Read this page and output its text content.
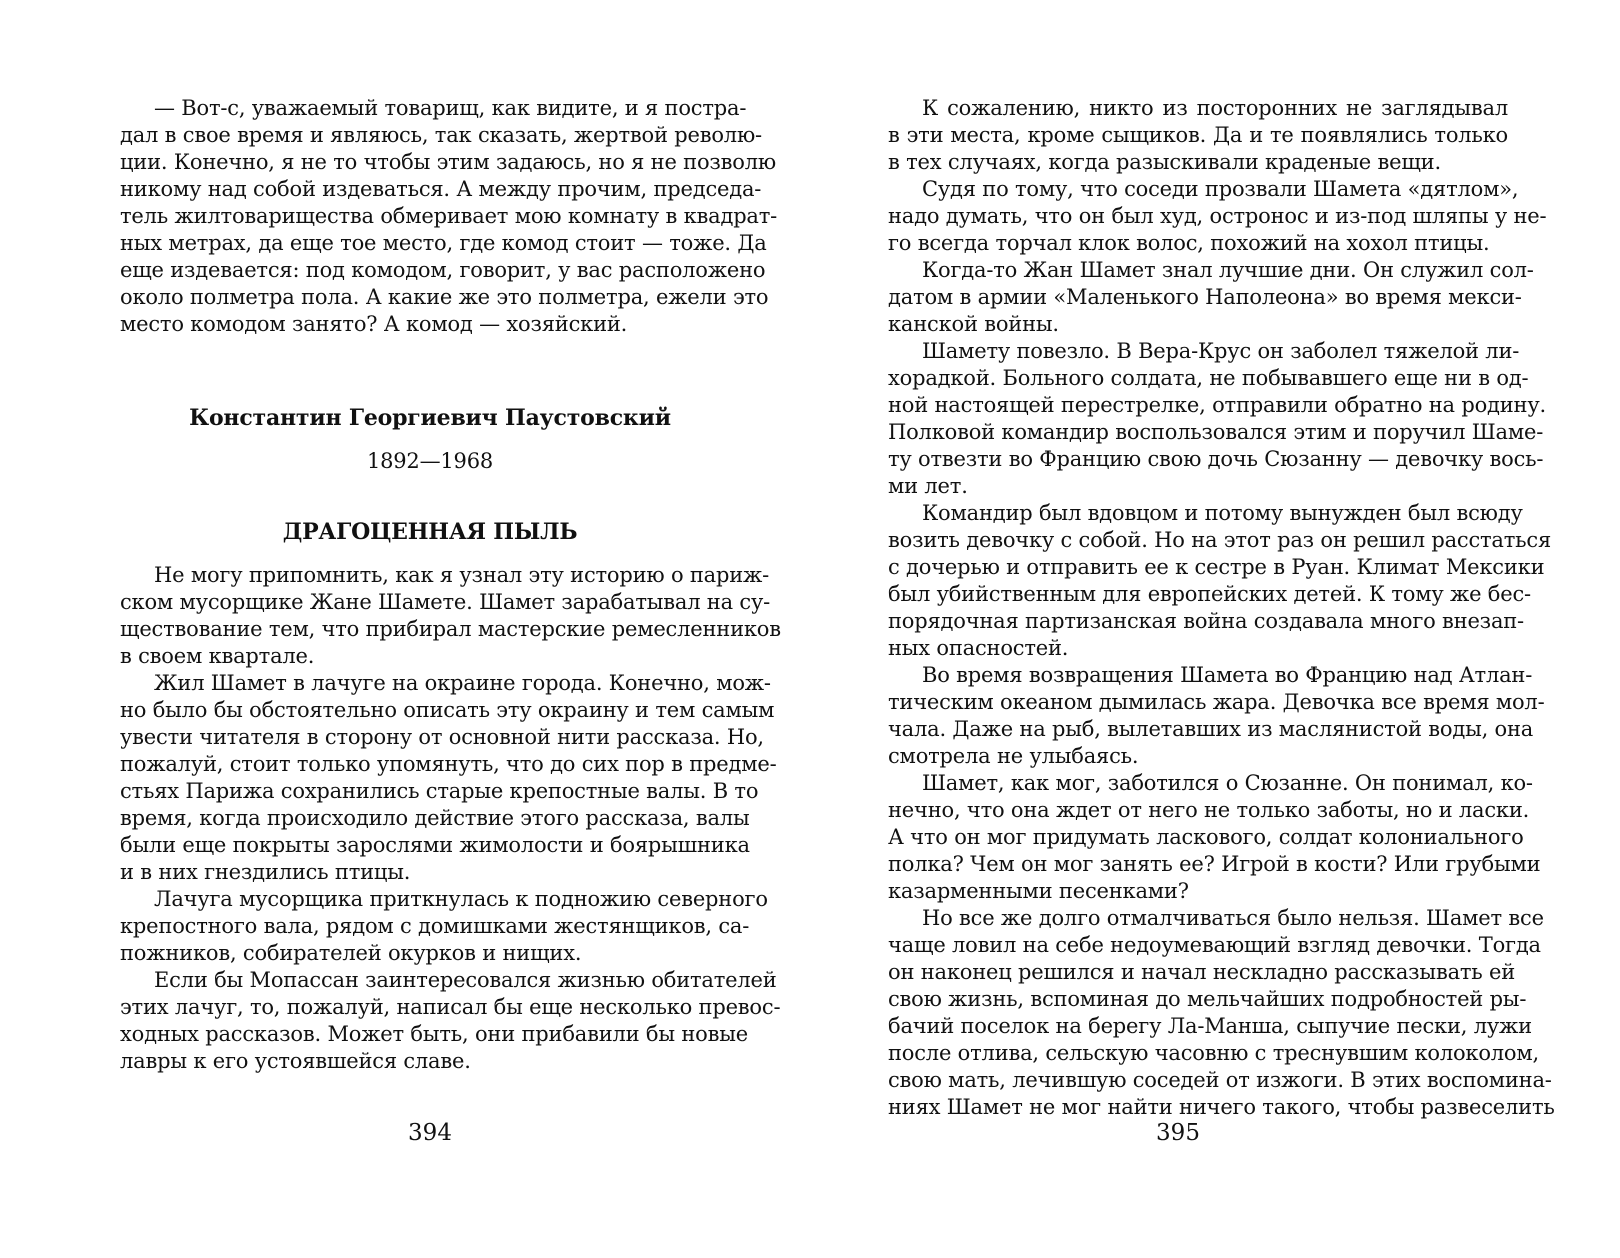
— Вот-с, уважаемый товарищ, как видите, и я постра-
дал в свое время и являюсь, так сказать, жертвой револю-
ции. Конечно, я не то чтобы этим задаюсь, но я не позволю
никому над собой издеваться. А между прочим, председа-
тель жилтоварищества обмеривает мою комнату в квадрат-
ных метрах, да еще тое место, где комод стоит — тоже. Да
еще издевается: под комодом, говорит, у вас расположено
около полметра пола. А какие же это полметра, ежели это
место комодом занято? А комод — хозяйский.
Константин Георгиевич Паустовский
1892—1968
ДРАГОЦЕННАЯ ПЫЛЬ
Не могу припомнить, как я узнал эту историю о париж-
ском мусорщике Жане Шамете. Шамет зарабатывал на су-
ществование тем, что прибирал мастерские ремесленников
в своем квартале.
Жил Шамет в лачуге на окраине города. Конечно, мож-
но было бы обстоятельно описать эту окраину и тем самым
увести читателя в сторону от основной нити рассказа. Но,
пожалуй, стоит только упомянуть, что до сих пор в предме-
стьях Парижа сохранились старые крепостные валы. В то
время, когда происходило действие этого рассказа, валы
были еще покрыты зарослями жимолости и боярышника
и в них гнездились птицы.
Лачуга мусорщика приткнулась к подножию северного
крепостного вала, рядом с домишками жестянщиков, са-
пожников, собирателей окурков и нищих.
Если бы Мопассан заинтересовался жизнью обитателей
этих лачуг, то, пожалуй, написал бы еще несколько превос-
ходных рассказов. Может быть, они прибавили бы новые
лавры к его устоявшейся славе.
394
К сожалению, никто из посторонних не заглядывал
в эти места, кроме сыщиков. Да и те появлялись только
в тех случаях, когда разыскивали краденые вещи.
Судя по тому, что соседи прозвали Шамета «дятлом»,
надо думать, что он был худ, остронос и из-под шляпы у не-
го всегда торчал клок волос, похожий на хохол птицы.
Когда-то Жан Шамет знал лучшие дни. Он служил сол-
датом в армии «Маленького Наполеона» во время мекси-
канской войны.
Шамету повезло. В Вера-Крус он заболел тяжелой ли-
хорадкой. Больного солдата, не побывавшего еще ни в од-
ной настоящей перестрелке, отправили обратно на родину.
Полковой командир воспользовался этим и поручил Шаме-
ту отвезти во Францию свою дочь Сюзанну — девочку вось-
ми лет.
Командир был вдовцом и потому вынужден был всюду
возить девочку с собой. Но на этот раз он решил расстаться
с дочерью и отправить ее к сестре в Руан. Климат Мексики
был убийственным для европейских детей. К тому же бес-
порядочная партизанская война создавала много внезап-
ных опасностей.
Во время возвращения Шамета во Францию над Атлан-
тическим океаном дымилась жара. Девочка все время мол-
чала. Даже на рыб, вылетавших из маслянистой воды, она
смотрела не улыбаясь.
Шамет, как мог, заботился о Сюзанне. Он понимал, ко-
нечно, что она ждет от него не только заботы, но и ласки.
А что он мог придумать ласкового, солдат колониального
полка? Чем он мог занять ее? Игрой в кости? Или грубыми
казарменными песенками?
Но все же долго отмалчиваться было нельзя. Шамет все
чаще ловил на себе недоумевающий взгляд девочки. Тогда
он наконец решился и начал нескладно рассказывать ей
свою жизнь, вспоминая до мельчайших подробностей ры-
бачий поселок на берегу Ла-Манша, сыпучие пески, лужи
после отлива, сельскую часовню с треснувшим колоколом,
свою мать, лечившую соседей от изжоги. В этих воспомина-
ниях Шамет не мог найти ничего такого, чтобы развеселить
395
